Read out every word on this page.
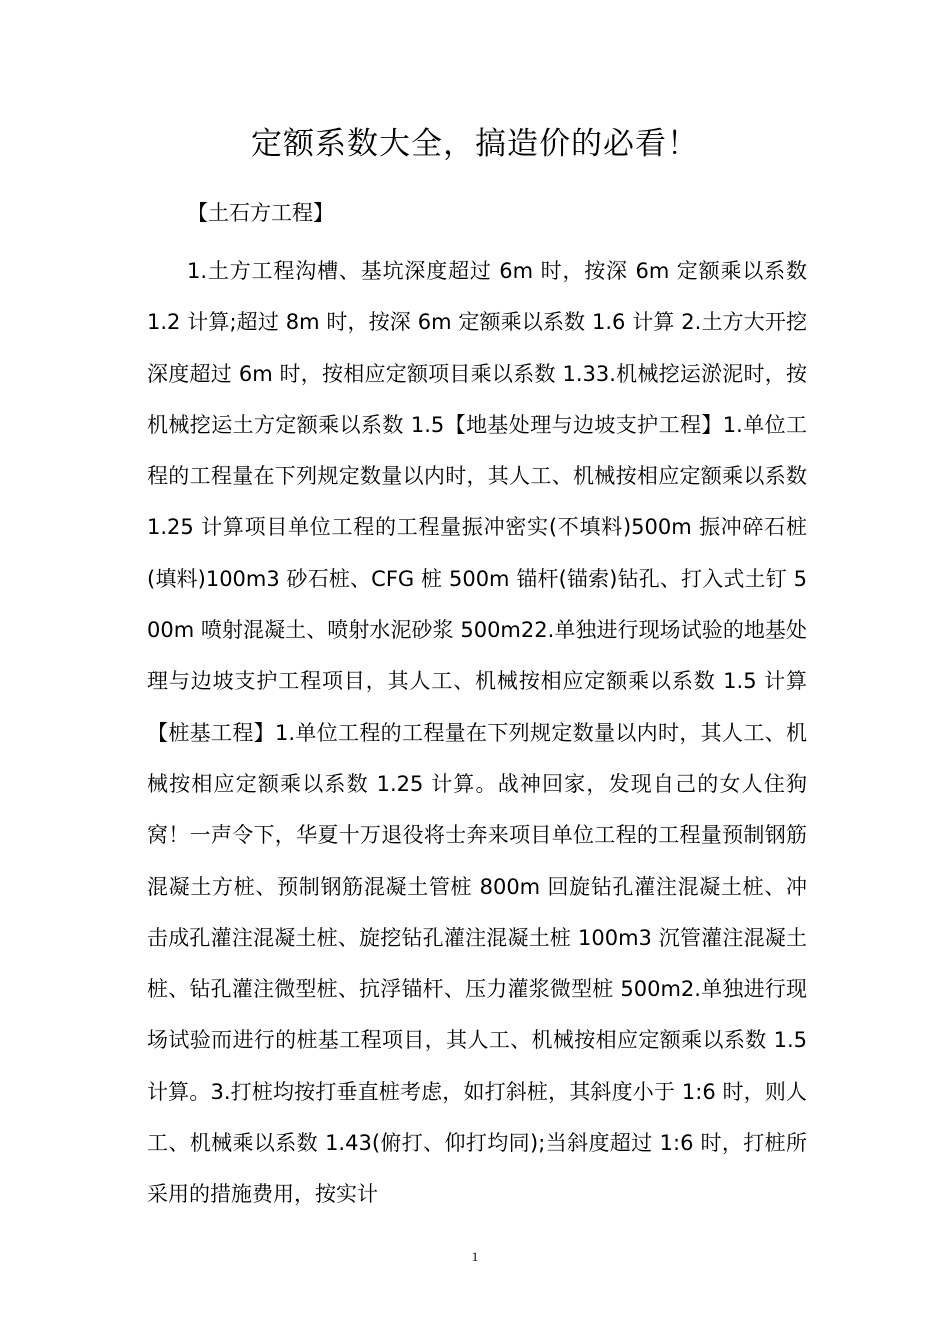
定额系数大全，搞造价的必看！

【土石方工程】

1.土方工程沟槽、基坑深度超过 6m 时，按深 6m 定额乘以系数 1.2 计算;超过 8m 时，按深 6m 定额乘以系数 1.6 计算 2.土方大开挖深度超过 6m 时，按相应定额项目乘以系数 1.33.机械挖运淤泥时，按机械挖运土方定额乘以系数 1.5【地基处理与边坡支护工程】1.单位工程的工程量在下列规定数量以内时，其人工、机械按相应定额乘以系数 1.25 计算项目单位工程的工程量振冲密实(不填料)500m 振冲碎石桩(填料)100m3 砂石桩、CFG 桩 500m 锚杆(锚索)钻孔、打入式土钉 500m 喷射混凝土、喷射水泥砂浆 500m22.单独进行现场试验的地基处理与边坡支护工程项目，其人工、机械按相应定额乘以系数 1.5 计算【桩基工程】1.单位工程的工程量在下列规定数量以内时，其人工、机械按相应定额乘以系数 1.25 计算。战神回家，发现自己的女人住狗窝！一声令下，华夏十万退役将士奔来项目单位工程的工程量预制钢筋混凝土方桩、预制钢筋混凝土管桩 800m 回旋钻孔灌注混凝土桩、冲击成孔灌注混凝土桩、旋挖钻孔灌注混凝土桩 100m3 沉管灌注混凝土桩、钻孔灌注微型桩、抗浮锚杆、压力灌浆微型桩 500m2.单独进行现场试验而进行的桩基工程项目，其人工、机械按相应定额乘以系数 1.5 计算。3.打桩均按打垂直桩考虑，如打斜桩，其斜度小于 1:6 时，则人工、机械乘以系数 1.43(俯打、仰打均同);当斜度超过 1:6 时，打桩所采用的措施费用，按实计

1
